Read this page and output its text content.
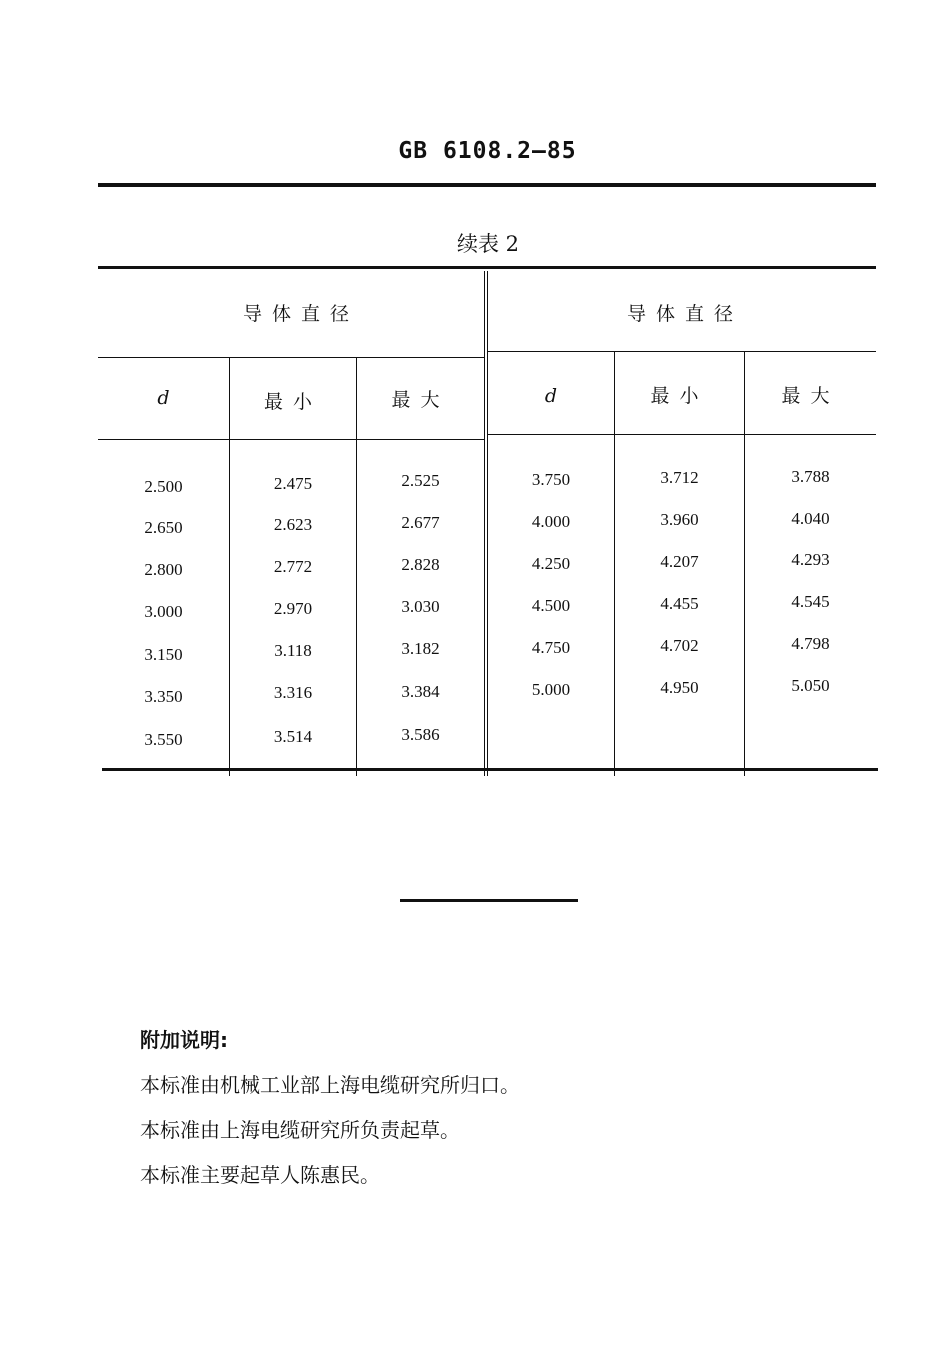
GB 6108.2—85
续表 2
导体直径	导体直径
d	最小	最大	d	最小	最大
2.500	2.475	2.525	3.750	3.712	3.788
2.650	2.623	2.677	4.000	3.960	4.040
2.800	2.772	2.828	4.250	4.207	4.293
3.000	2.970	3.030	4.500	4.455	4.545
3.150	3.118	3.182	4.750	4.702	4.798
3.350	3.316	3.384	5.000	4.950	5.050
3.550	3.514	3.586
附加说明:
本标准由机械工业部上海电缆研究所归口。
本标准由上海电缆研究所负责起草。
本标准主要起草人陈惠民。
